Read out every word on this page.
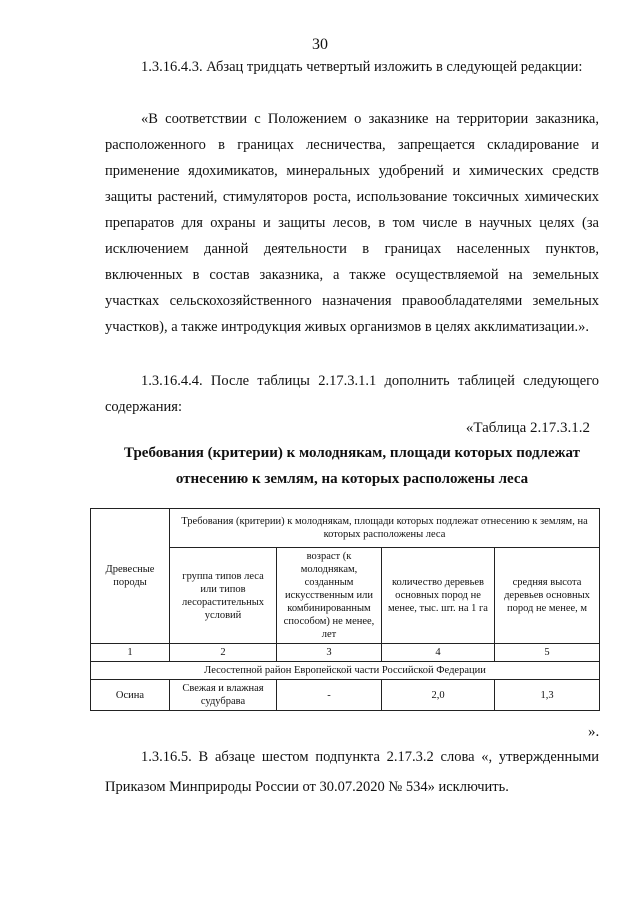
30
1.3.16.4.3. Абзац тридцать четвертый изложить в следующей редакции:
«В соответствии с Положением о заказнике на территории заказника, расположенного в границах лесничества, запрещается складирование и применение ядохимикатов, минеральных удобрений и химических средств защиты растений, стимуляторов роста, использование токсичных химических препаратов для охраны и защиты лесов, в том числе в научных целях (за исключением данной деятельности в границах населенных пунктов, включенных в состав заказника, а также осуществляемой на земельных участках сельскохозяйственного назначения правообладателями земельных участков), а также интродукция живых организмов в целях акклиматизации.».
1.3.16.4.4. После таблицы 2.17.3.1.1 дополнить таблицей следующего содержания:
«Таблица 2.17.3.1.2
Требования (критерии) к молоднякам, площади которых подлежат отнесению к землям, на которых расположены леса
Древесные породы	Требования (критерии) к молоднякам, площади которых подлежат отнесению к землям, на которых расположены леса			
	группа типов леса или типов лесорастительных условий	возраст (к молоднякам, созданным искусственным или комбинированным способом) не менее, лет	количество деревьев основных пород не менее, тыс. шт. на 1 га	средняя высота деревьев основных пород не менее, м
1	2	3	4	5
Лесостепной район Европейской части Российской Федерации				
Осина	Свежая и влажная судубрава	-	2,0	1,3
».
1.3.16.5. В абзаце шестом подпункта 2.17.3.2 слова «, утвержденными Приказом Минприроды России от 30.07.2020 № 534» исключить.
